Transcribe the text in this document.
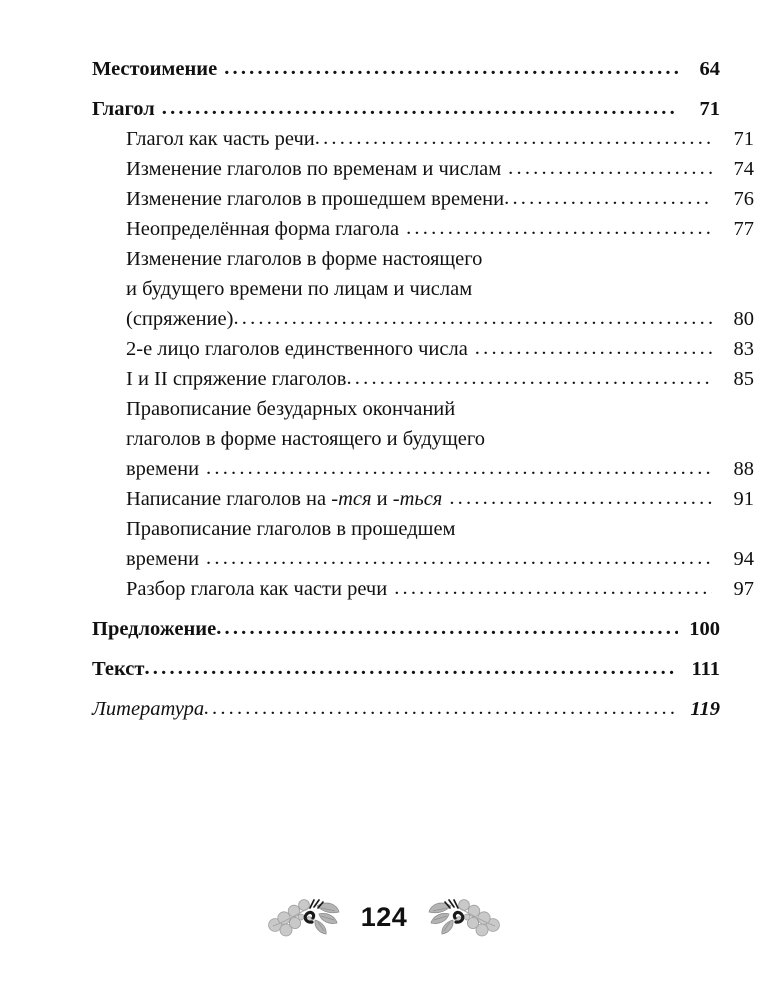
Местоимение .....	64
Глагол .....	71
Глагол как часть речи .....	71
Изменение глаголов по временам и числам .....	74
Изменение глаголов в прошедшем времени .....	76
Неопределённая форма глагола .....	77
Изменение глаголов в форме настоящего
и будущего времени по лицам и числам
(спряжение) .....	80
2-е лицо глаголов единственного числа .....	83
I и II спряжение глаголов .....	85
Правописание безударных окончаний
глаголов в форме настоящего и будущего
времени .....	88
Написание глаголов на -тся и -ться .....	91
Правописание глаголов в прошедшем
времени .....	94
Разбор глагола как части речи .....	97
Предложение .....	100
Текст .....	111
Литература .....	119
124
